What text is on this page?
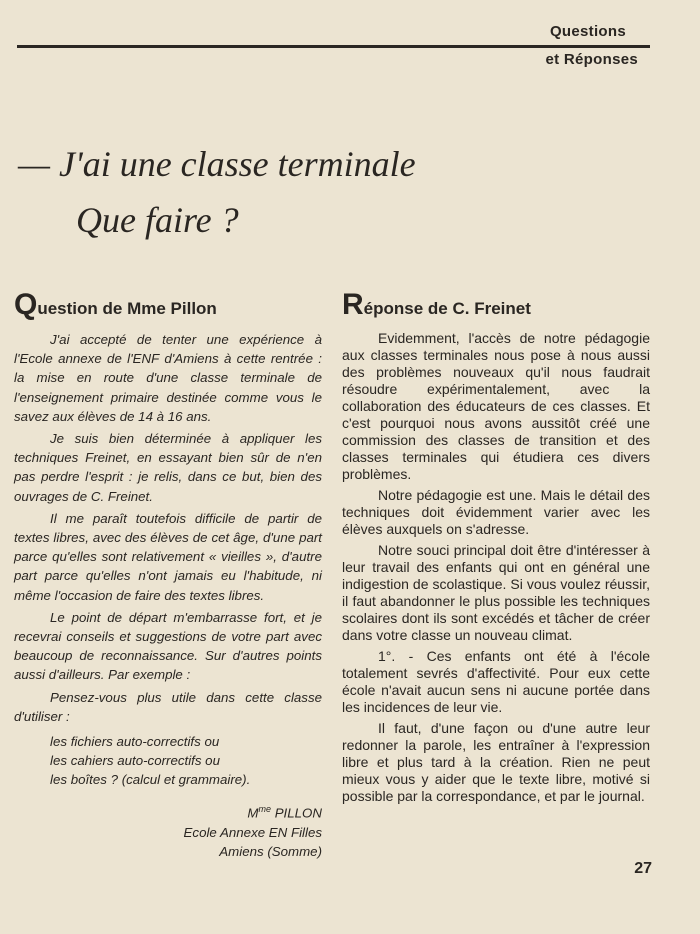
Questions
et Réponses
— J'ai une classe terminale
Que faire ?
Question de Mme Pillon

J'ai accepté de tenter une expérience à l'Ecole annexe de l'ENF d'Amiens à cette rentrée : la mise en route d'une classe terminale de l'enseignement primaire destinée comme vous le savez aux élèves de 14 à 16 ans.

Je suis bien déterminée à appliquer les techniques Freinet, en essayant bien sûr de n'en pas perdre l'esprit : je relis, dans ce but, bien des ouvrages de C. Freinet.

Il me paraît toutefois difficile de partir de textes libres, avec des élèves de cet âge, d'une part parce qu'elles sont relativement « vieilles », d'autre part parce qu'elles n'ont jamais eu l'habitude, ni même l'occasion de faire des textes libres.

Le point de départ m'embarrasse fort, et je recevrai conseils et suggestions de votre part avec beaucoup de reconnaissance. Sur d'autres points aussi d'ailleurs. Par exemple :

Pensez-vous plus utile dans cette classe d'utiliser :

les fichiers auto-correctifs ou
les cahiers auto-correctifs ou
les boîtes ? (calcul et grammaire).
$M^{me}$ PILLON
Ecole Annexe EN Filles
Amiens (Somme)
Réponse de C. Freinet

Evidemment, l'accès de notre pédagogie aux classes terminales nous pose à nous aussi des problèmes nouveaux qu'il nous faudrait résoudre expérimentalement, avec la collaboration des éducateurs de ces classes. Et c'est pourquoi nous avons aussitôt créé une commission des classes de transition et des classes terminales qui étudiera ces divers problèmes.

Notre pédagogie est une. Mais le détail des techniques doit évidemment varier avec les élèves auxquels on s'adresse.

Notre souci principal doit être d'intéresser à leur travail des enfants qui ont en général une indigestion de scolastique. Si vous voulez réussir, il faut abandonner le plus possible les techniques scolaires dont ils sont excédés et tâcher de créer dans votre classe un nouveau climat.

1°. - Ces enfants ont été à l'école totalement sevrés d'affectivité. Pour eux cette école n'avait aucun sens ni aucune portée dans les incidences de leur vie.

Il faut, d'une façon ou d'une autre leur redonner la parole, les entraîner à l'expression libre et plus tard à la création. Rien ne peut mieux vous y aider que le texte libre, motivé si possible par la correspondance, et par le journal.

27
